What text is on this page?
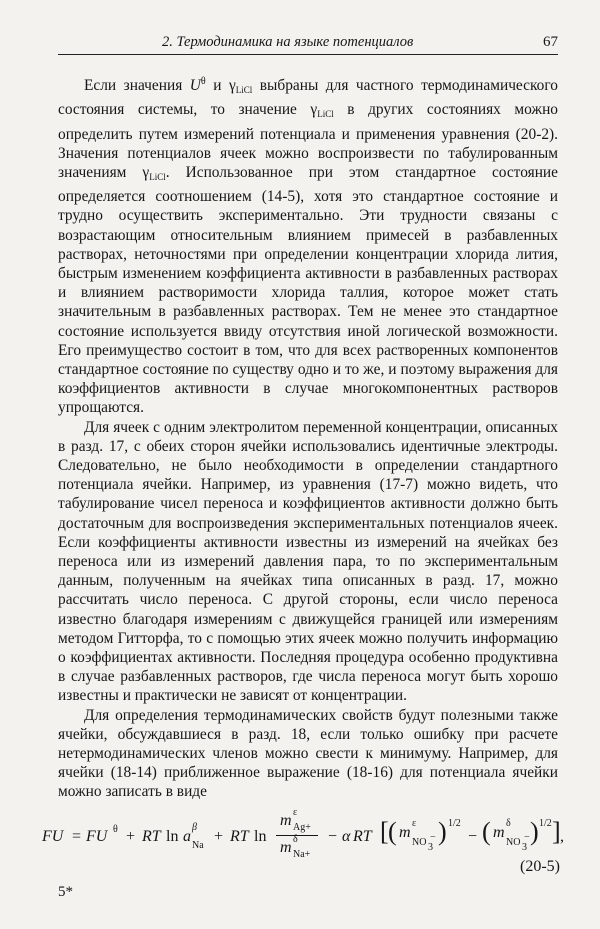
2. Термодинамика на языке потенциалов	67

Если значения $U^\theta$ и $\gamma_{LiCl}$ выбраны для частного термодинамического состояния системы, то значение $\gamma_{LiCl}$ в других состояниях можно определить путем измерений потенциала и применения уравнения (20-2). Значения потенциалов ячеек можно воспроизвести по табулированным значениям $\gamma_{LiCl}$. Использованное при этом стандартное состояние определяется соотношением (14-5), хотя это стандартное состояние и трудно осуществить экспериментально. Эти трудности связаны с возрастающим относительным влиянием примесей в разбавленных растворах, неточностями при определении концентрации хлорида лития, быстрым изменением коэффициента активности в разбавленных растворах и влиянием растворимости хлорида таллия, которое может стать значительным в разбавленных растворах. Тем не менее это стандартное состояние используется ввиду отсутствия иной логической возможности. Его преимущество состоит в том, что для всех растворенных компонентов стандартное состояние по существу одно и то же, и поэтому выражения для коэффициентов активности в случае многокомпонентных растворов упрощаются.

Для ячеек с одним электролитом переменной концентрации, описанных в разд. 17, с обеих сторон ячейки использовались идентичные электроды. Следовательно, не было необходимости в определении стандартного потенциала ячейки. Например, из уравнения (17-7) можно видеть, что табулирование чисел переноса и коэффициентов активности должно быть достаточным для воспроизведения экспериментальных потенциалов ячеек. Если коэффициенты активности известны из измерений на ячейках без переноса или из измерений давления пара, то по экспериментальным данным, полученным на ячейках типа описанных в разд. 17, можно рассчитать число переноса. С другой стороны, если число переноса известно благодаря измерениям с движущейся границей или измерениям методом Гитторфа, то с помощью этих ячеек можно получить информацию о коэффициентах активности. Последняя процедура особенно продуктивна в случае разбавленных растворов, где числа переноса могут быть хорошо известны и практически не зависят от концентрации.

Для определения термодинамических свойств будут полезными также ячейки, обсуждавшиеся в разд. 18, если только ошибку при расчете нетермодинамических членов можно свести к минимуму. Например, для ячейки (18-14) приближенное выражение (18-16) для потенциала ячейки можно записать в виде

FU = FU θ + RT ln a
β
Na
+ RT ln
m ε
Ag+
m δ
Na+
− α RT [ ( m
ε
NO 3
− ) 1/2
− ( m
δ
NO 3
− ) 1/2 ] ,
(20-5)
5*
